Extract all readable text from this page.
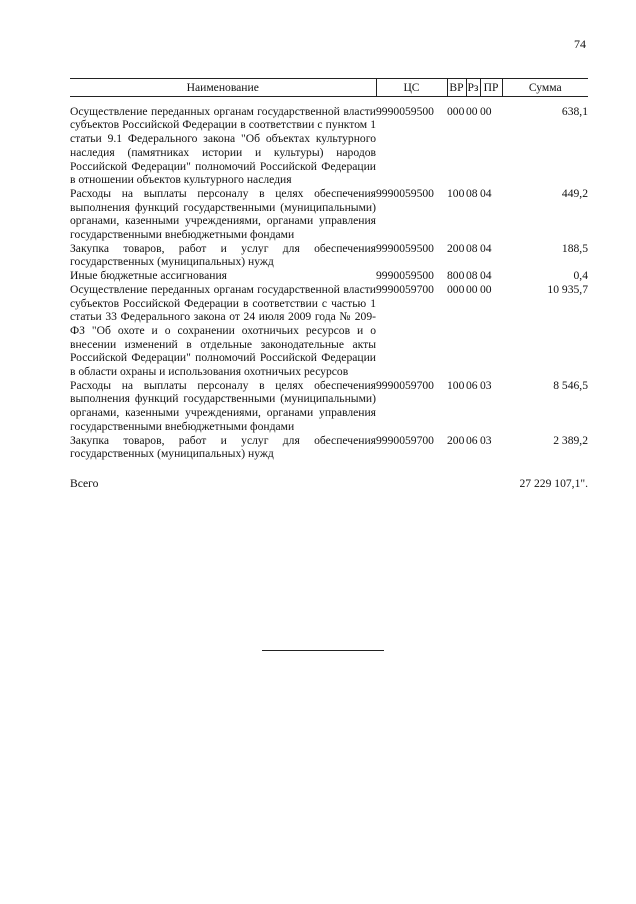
74
Наименование	ЦС	ВР	Рз	ПР	Сумма

Осуществление переданных органам государственной власти субъектов Российской Федерации в соответствии с пунктом 1 статьи 9.1 Федерального закона "Об объектах культурного наследия (памятниках истории и культуры) народов Российской Федерации" полномочий Российской Федерации в отношении объектов культурного наследия	9990059500	000	00	00	638,1
Расходы на выплаты персоналу в целях обеспечения выполнения функций государственными (муниципальными) органами, казенными учреждениями, органами управления государственными внебюджетными фондами	9990059500	100	08	04	449,2
Закупка товаров, работ и услуг для обеспечения государственных (муниципальных) нужд	9990059500	200	08	04	188,5
Иные бюджетные ассигнования	9990059500	800	08	04	0,4
Осуществление переданных органам государственной власти субъектов Российской Федерации в соответствии с частью 1 статьи 33 Федерального закона от 24 июля 2009 года № 209-ФЗ "Об охоте и о сохранении охотничьих ресурсов и о внесении изменений в отдельные законодательные акты Российской Федерации" полномочий Российской Федерации в области охраны и использования охотничьих ресурсов	9990059700	000	00	00	10 935,7
Расходы на выплаты персоналу в целях обеспечения выполнения функций государственными (муниципальными) органами, казенными учреждениями, органами управления государственными внебюджетными фондами	9990059700	100	06	03	8 546,5
Закупка товаров, работ и услуг для обеспечения государственных (муниципальных) нужд	9990059700	200	06	03	2 389,2

Всего	27 229 107,1".				
